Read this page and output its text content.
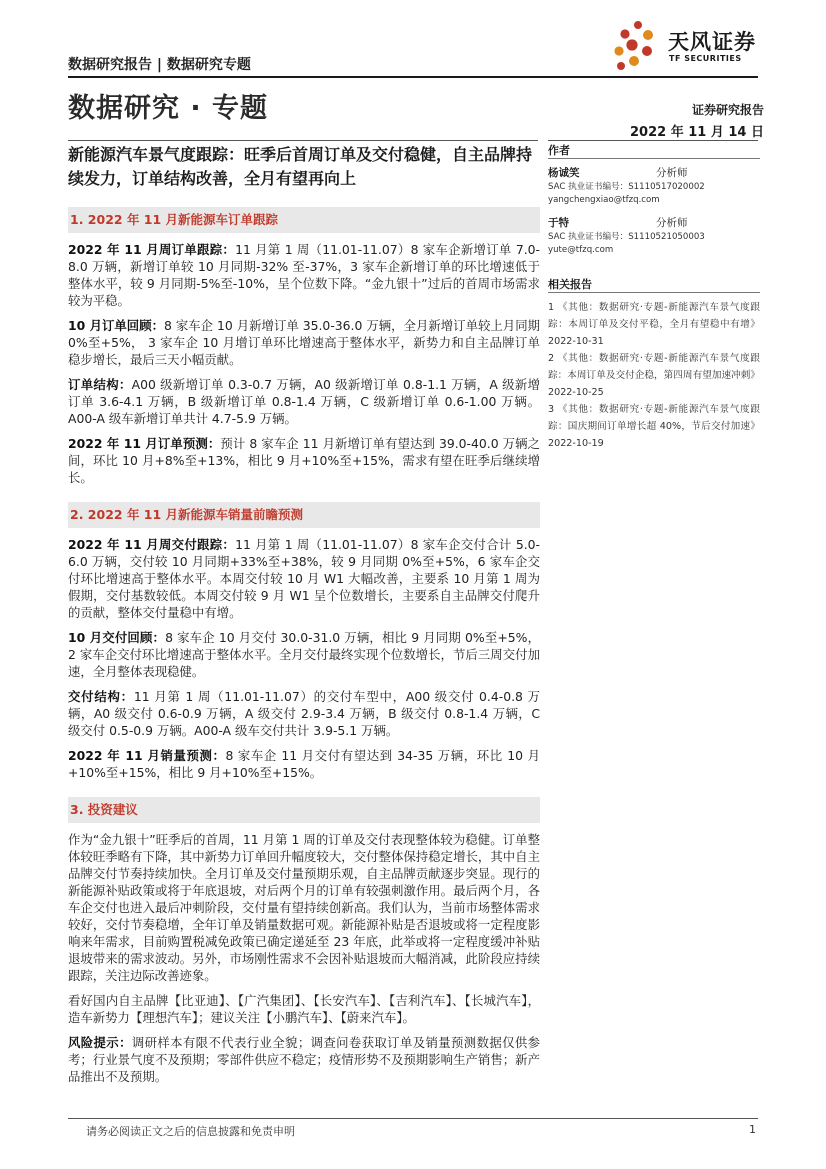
数据研究报告 | 数据研究专题
数据研究 · 专题
天风证券
TF SECURITIES
证券研究报告
2022 年 11 月 14 日
新能源汽车景气度跟踪：旺季后首周订单及交付稳健，自主品牌持续发力，订单结构改善，全月有望再向上
1. 2022 年 11 月新能源车订单跟踪

2022 年 11 月周订单跟踪：11 月第 1 周（11.01-11.07）8 家车企新增订单 7.0-8.0 万辆，新增订单较 10 月同期-32% 至-37%，3 家车企新增订单的环比增速低于整体水平，较 9 月同期-5%至-10%，呈个位数下降。“金九银十”过后的首周市场需求较为平稳。

10 月订单回顾：8 家车企 10 月新增订单 35.0-36.0 万辆，全月新增订单较上月同期 0%至+5%， 3 家车企 10 月增订单环比增速高于整体水平，新势力和自主品牌订单稳步增长，最后三天小幅贡献。

订单结构：A00 级新增订单 0.3-0.7 万辆，A0 级新增订单 0.8-1.1 万辆，A 级新增订单 3.6-4.1 万辆，B 级新增订单 0.8-1.4 万辆，C 级新增订单 0.6-1.00 万辆。A00-A 级车新增订单共计 4.7-5.9 万辆。

2022 年 11 月订单预测：预计 8 家车企 11 月新增订单有望达到 39.0-40.0 万辆之间，环比 10 月+8%至+13%，相比 9 月+10%至+15%，需求有望在旺季后继续增长。

2. 2022 年 11 月新能源车销量前瞻预测

2022 年 11 月周交付跟踪：11 月第 1 周（11.01-11.07）8 家车企交付合计 5.0-6.0 万辆，交付较 10 月同期+33%至+38%，较 9 月同期 0%至+5%，6 家车企交付环比增速高于整体水平。本周交付较 10 月 W1 大幅改善，主要系 10 月第 1 周为假期，交付基数较低。本周交付较 9 月 W1 呈个位数增长，主要系自主品牌交付爬升的贡献，整体交付量稳中有增。

10 月交付回顾：8 家车企 10 月交付 30.0-31.0 万辆，相比 9 月同期 0%至+5%，2 家车企交付环比增速高于整体水平。全月交付最终实现个位数增长，节后三周交付加速，全月整体表现稳健。

交付结构：11 月第 1 周（11.01-11.07）的交付车型中，A00 级交付 0.4-0.8 万辆，A0 级交付 0.6-0.9 万辆，A 级交付 2.9-3.4 万辆，B 级交付 0.8-1.4 万辆，C 级交付 0.5-0.9 万辆。A00-A 级车交付共计 3.9-5.1 万辆。

2022 年 11 月销量预测：8 家车企 11 月交付有望达到 34-35 万辆，环比 10 月+10%至+15%，相比 9 月+10%至+15%。

3. 投资建议

作为“金九银十”旺季后的首周，11 月第 1 周的订单及交付表现整体较为稳健。订单整体较旺季略有下降，其中新势力订单回升幅度较大，交付整体保持稳定增长，其中自主品牌交付节奏持续加快。全月订单及交付量预期乐观，自主品牌贡献逐步突显。现行的新能源补贴政策或将于年底退坡，对后两个月的订单有较强刺激作用。最后两个月，各车企交付也进入最后冲刺阶段，交付量有望持续创新高。我们认为，当前市场整体需求较好，交付节奏稳增，全年订单及销量数据可观。新能源补贴是否退坡或将一定程度影响来年需求，目前购置税减免政策已确定递延至 23 年底，此举或将一定程度缓冲补贴退坡带来的需求波动。另外，市场刚性需求不会因补贴退坡而大幅消减，此阶段应持续跟踪，关注边际改善迹象。

看好国内自主品牌【比亚迪】、【广汽集团】、【长安汽车】、【吉利汽车】、【长城汽车】，造车新势力【理想汽车】；建议关注【小鹏汽车】、【蔚来汽车】。

风险提示：调研样本有限不代表行业全貌；调查问卷获取订单及销量预测数据仅供参考；行业景气度不及预期；零部件供应不稳定；疫情形势不及预期影响生产销售；新产品推出不及预期。

作者
杨诚笑	分析师
SAC 执业证书编号：S1110517020002
yangchengxiao@tfzq.com
于特	分析师
SAC 执业证书编号：S1110521050003
yute@tfzq.com
相关报告
1 《其他：数据研究·专题-新能源汽车景气度跟踪：本周订单及交付平稳，全月有望稳中有增》 2022-10-31
2 《其他：数据研究·专题-新能源汽车景气度跟踪：本周订单及交付企稳，第四周有望加速冲刺》 2022-10-25
3 《其他：数据研究·专题-新能源汽车景气度跟踪：国庆期间订单增长超 40%，节后交付加速》 2022-10-19
请务必阅读正文之后的信息披露和免责申明	1
